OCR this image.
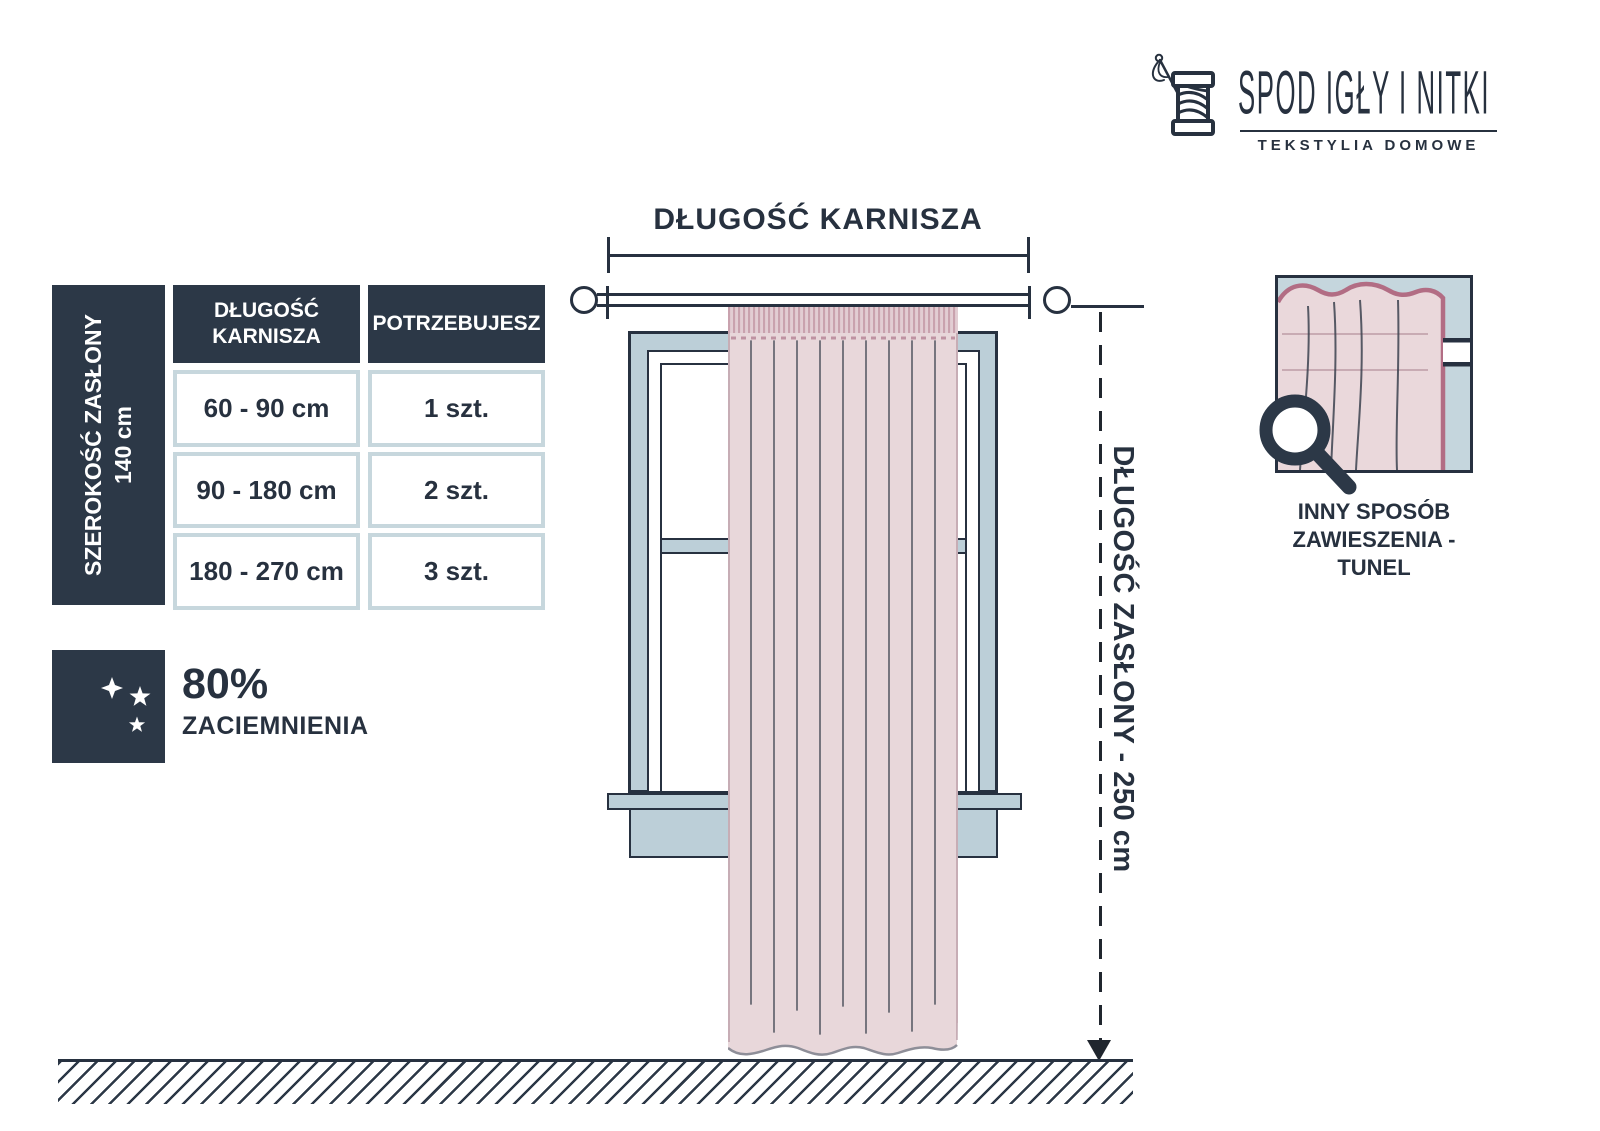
SPOD IGŁY I NITKI
TEKSTYLIA DOMOWE
SZEROKOŚĆ ZASŁONY 140 cm
DŁUGOŚĆ KARNISZA
POTRZEBUJESZ
60 - 90 cm	1 szt.
90 - 180 cm	2 szt.
180 - 270 cm	3 szt.
80%
ZACIEMNIENIA
DŁUGOŚĆ KARNISZA
DŁUGOŚĆ ZASŁONY - 250 cm	INNY SPOSÓB
ZAWIESZENIA - TUNEL
